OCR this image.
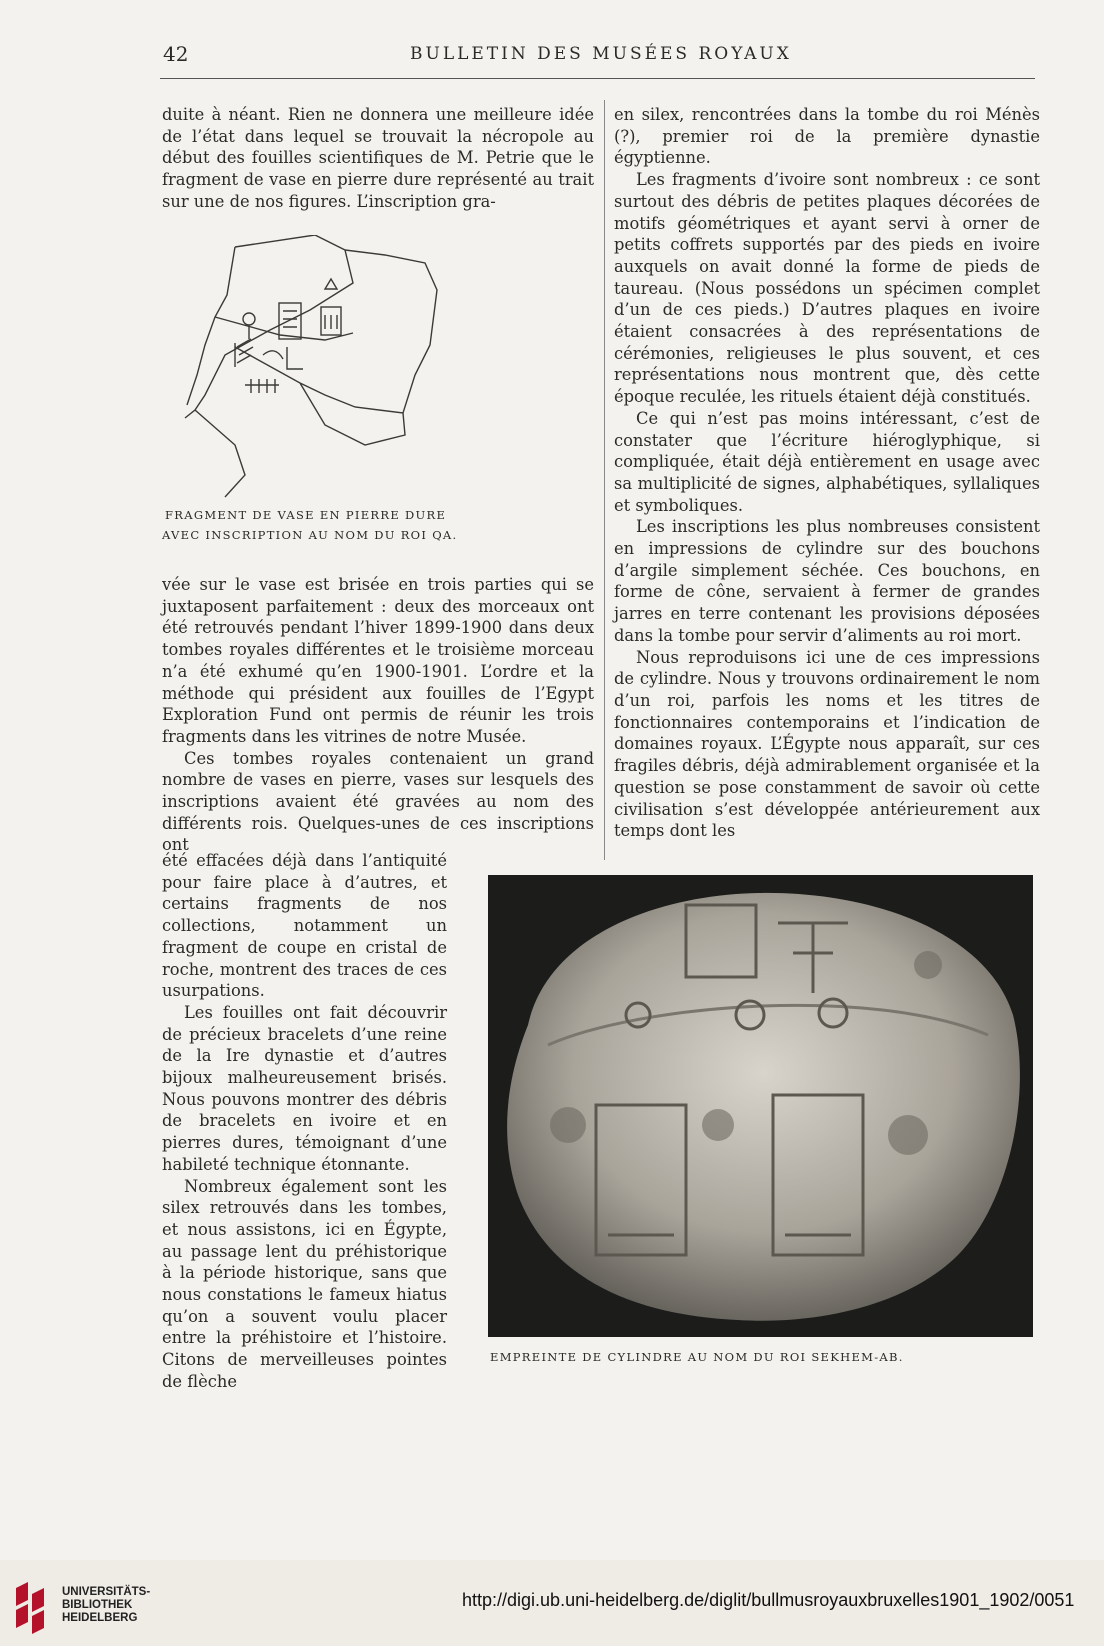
42	BULLETIN DES MUSÉES ROYAUX

duite à néant. Rien ne donnera une meilleure idée de l’état dans lequel se trouvait la nécropole au début des fouilles scientifiques de M. Petrie que le fragment de vase en pierre dure représenté au trait sur une de nos figures. L’inscription gra-

FRAGMENT DE VASE EN PIERRE DURE
AVEC INSCRIPTION AU NOM DU ROI QA.

vée sur le vase est brisée en trois parties qui se juxtaposent parfaitement : deux des morceaux ont été retrouvés pendant l’hiver 1899-1900 dans deux tombes royales différentes et le troisième morceau n’a été exhumé qu’en 1900-1901. L’ordre et la méthode qui président aux fouilles de l’Egypt Exploration Fund ont permis de réunir les trois fragments dans les vitrines de notre Musée.

Ces tombes royales contenaient un grand nombre de vases en pierre, vases sur lesquels des inscriptions avaient été gravées au nom des différents rois. Quelques-unes de ces inscriptions ont

été effacées déjà dans l’antiquité pour faire place à d’autres, et certains fragments de nos collections, notamment un fragment de coupe en cristal de roche, montrent des traces de ces usurpations.

Les fouilles ont fait découvrir de précieux bracelets d’une reine de la Ire dynastie et d’autres bijoux malheureusement brisés. Nous pouvons montrer des débris de bracelets en ivoire et en pierres dures, témoignant d’une habileté technique étonnante.

Nombreux également sont les silex retrouvés dans les tombes, et nous assistons, ici en Égypte, au passage lent du préhistorique à la période historique, sans que nous constations le fameux hiatus qu’on a souvent voulu placer entre la préhistoire et l’histoire. Citons de merveilleuses pointes de flèche

en silex, rencontrées dans la tombe du roi Ménès (?), premier roi de la première dynastie égyptienne.

Les fragments d’ivoire sont nombreux : ce sont surtout des débris de petites plaques décorées de motifs géométriques et ayant servi à orner de petits coffrets supportés par des pieds en ivoire auxquels on avait donné la forme de pieds de taureau. (Nous possédons un spécimen complet d’un de ces pieds.) D’autres plaques en ivoire étaient consacrées à des représentations de cérémonies, religieuses le plus souvent, et ces représentations nous montrent que, dès cette époque reculée, les rituels étaient déjà constitués.

Ce qui n’est pas moins intéressant, c’est de constater que l’écriture hiéroglyphique, si compliquée, était déjà entièrement en usage avec sa multiplicité de signes, alphabétiques, syllaliques et symboliques.

Les inscriptions les plus nombreuses consistent en impressions de cylindre sur des bouchons d’argile simplement séchée. Ces bouchons, en forme de cône, servaient à fermer de grandes jarres en terre contenant les provisions déposées dans la tombe pour servir d’aliments au roi mort.

Nous reproduisons ici une de ces impressions de cylindre. Nous y trouvons ordinairement le nom d’un roi, parfois les noms et les titres de fonctionnaires contemporains et l’indication de domaines royaux. L’Égypte nous apparaît, sur ces fragiles débris, déjà admirablement organisée et la question se pose constamment de savoir où cette civilisation s’est développée antérieurement aux temps dont les

EMPREINTE DE CYLINDRE AU NOM DU ROI SEKHEM-AB.
UNIVERSITÄTS-
BIBLIOTHEK
HEIDELBERG
http://digi.ub.uni-heidelberg.de/diglit/bullmusroyauxbruxelles1901_1902/0051
